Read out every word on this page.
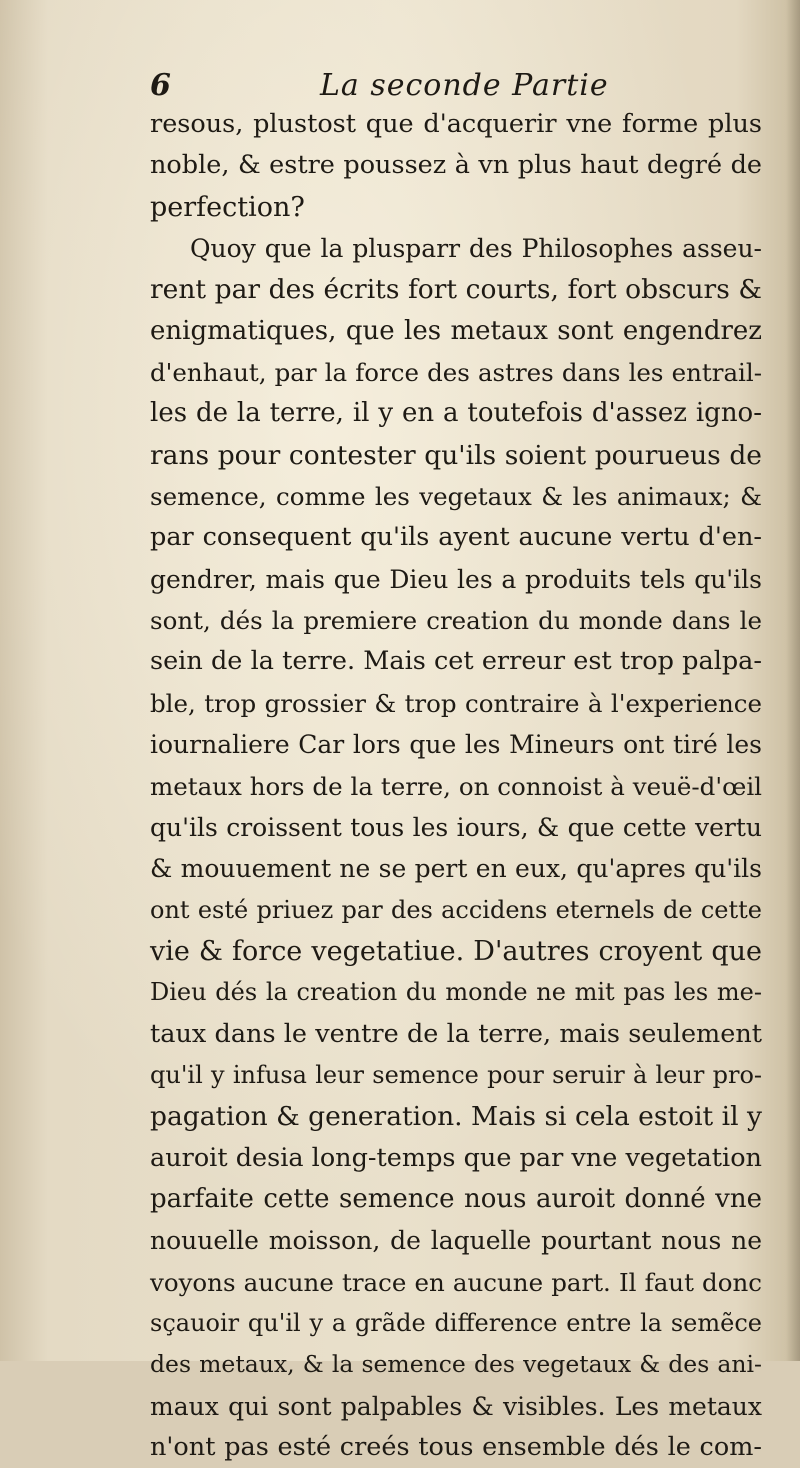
6	La seconde Partie
resous, plustost que d'acquerir vne forme plus
noble, & estre poussez à vn plus haut degré de
perfection?
Quoy que la plusparr des Philosophes asseu-
rent par des écrits fort courts, fort obscurs &
enigmatiques, que les metaux sont engendrez
d'enhaut, par la force des astres dans les entrail-
les de la terre, il y en a toutefois d'assez igno-
rans pour contester qu'ils soient pourueus de
semence, comme les vegetaux & les animaux; &
par consequent qu'ils ayent aucune vertu d'en-
gendrer, mais que Dieu les a produits tels qu'ils
sont, dés la premiere creation du monde dans le
sein de la terre. Mais cet erreur est trop palpa-
ble, trop grossier & trop contraire à l'experience
iournaliere Car lors que les Mineurs ont tiré les
metaux hors de la terre, on connoist à veuë-d'œil
qu'ils croissent tous les iours, & que cette vertu
& mouuement ne se pert en eux, qu'apres qu'ils
ont esté priuez par des accidens eternels de cette
vie & force vegetatiue. D'autres croyent que
Dieu dés la creation du monde ne mit pas les me-
taux dans le ventre de la terre, mais seulement
qu'il y infusa leur semence pour seruir à leur pro-
pagation & generation. Mais si cela estoit il y
auroit desia long-temps que par vne vegetation
parfaite cette semence nous auroit donné vne
nouuelle moisson, de laquelle pourtant nous ne
voyons aucune trace en aucune part. Il faut donc
sçauoir qu'il y a grãde difference entre la semẽce
des metaux, & la semence des vegetaux & des ani-
maux qui sont palpables & visibles. Les metaux
n'ont pas esté creés tous ensemble dés le com-
